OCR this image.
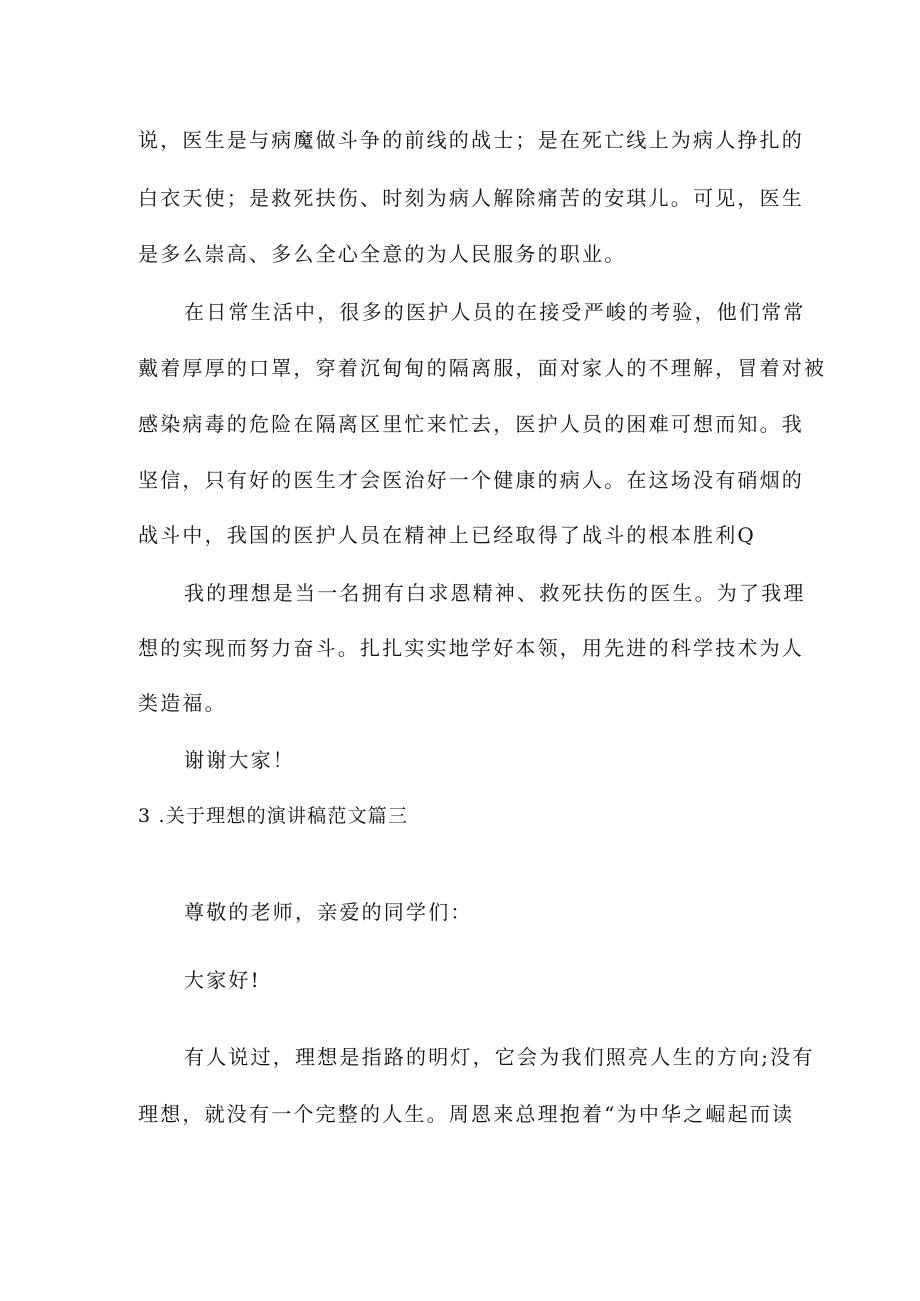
说，医生是与病魔做斗争的前线的战士；是在死亡线上为病人挣扎的
白衣天使；是救死扶伤、时刻为病人解除痛苦的安琪儿。可见，医生
是多么崇高、多么全心全意的为人民服务的职业。
在日常生活中，很多的医护人员的在接受严峻的考验，他们常常
戴着厚厚的口罩，穿着沉甸甸的隔离服，面对家人的不理解，冒着对被
感染病毒的危险在隔离区里忙来忙去，医护人员的困难可想而知。我
坚信，只有好的医生才会医治好一个健康的病人。在这场没有硝烟的
战斗中，我国的医护人员在精神上已经取得了战斗的根本胜利Q
我的理想是当一名拥有白求恩精神、救死扶伤的医生。为了我理
想的实现而努力奋斗。扎扎实实地学好本领，用先进的科学技术为人
类造福。
谢谢大家！
3 .关于理想的演讲稿范文篇三
尊敬的老师，亲爱的同学们：
大家好!
有人说过，理想是指路的明灯，它会为我们照亮人生的方向;没有
理想，就没有一个完整的人生。周恩来总理抱着“为中华之崛起而读
